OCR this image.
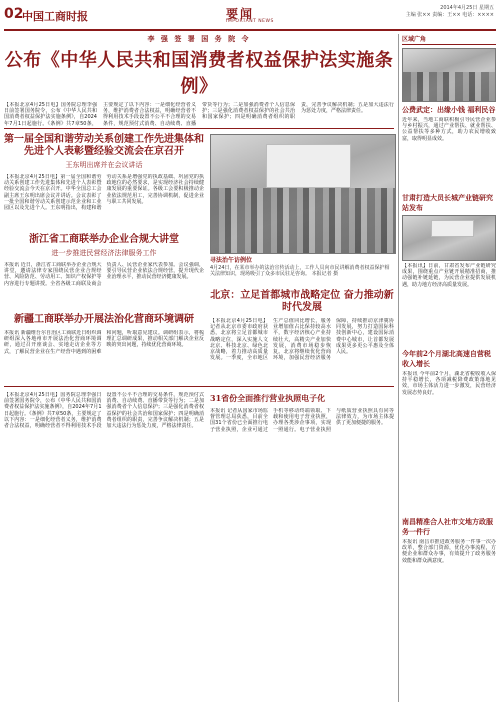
02
中国工商时报	要闻
IMPORTANT NEWS
2014年4月25日 星期五
主编 张×× 责编：王×× 电话：××××
李 强 签 署 国 务 院 令
公布《中华人民共和国消费者权益保护法实施条例》
【本报北京4月25日电】国务院总理李强日前签署国务院令，公布《中华人民共和国消费者权益保护法实施条例》，自2024年7月1日起施行。《条例》共7章50条，主要规定了以下内容：一是细化经营者义务，维护消费者合法权益，明确经营者不得利用技术手段设置不公平不合理的交易条件，规范预付式消费、自动续费、直播带货等行为；二是加强消费者个人信息保护；三是强化消费者权益保护的社会共治和国家保护；四是明确消费者组织的职责，完善争议解决机制；五是加大违法行为惩处力度，严格法律责任。
第一届全国和谐劳动关系创建工作先进集体和先进个人表彰暨经验交流会在京召开
王东明出席并在会议讲话
【本报北京4月25日电】第一届全国和谐劳动关系创建工作先进集体和先进个人表彰暨经验交流会今天在京召开。中华全国总工会副主席王东明出席会议并讲话。会议表彰了一批全国和谐劳动关系创建示范企业和工业园区以及先进个人。王东明指出，构建和谐劳动关系是增强党的执政基础、巩固党的执政地位的必然要求，是实现经济社会持续健康发展的重要保证。各级工会要积极推动企业依法规范用工，完善协调机制，促进企业与职工共同发展。
浙江省工商联举办企业合规大讲堂
进一步推进民营经济法律服务工作
本报讯 近日，浙江省工商联举办企业合规大讲堂，邀请法律专家围绕民营企业合规经营、风险防范、劳动用工、知识产权保护等内容进行专题讲授。全省各级工商联及商会负责人、民营企业家代表参加。会议强调，要引导民营企业依法合规经营，提升现代企业治理水平，推动民营经济健康发展。
新疆工商联举办开展法治化营商环境调研
本报讯 新疆维吾尔自治区工商联近日组织调研组深入各地州市开展法治化营商环境调研，通过召开座谈会、实地走访企业等方式，了解民营企业在生产经营中遇到的困难和问题，听取意见建议。调研组表示，将梳理汇总调研成果，推动相关部门解决企业反映的突出问题，持续优化营商环境。
寻法治午访例位
4月24日，在某市举办的法治宣传活动上，工作人员向市民讲解消费者权益保护相关法律知识，现场吸引了众多市民驻足咨询。 本报记者 摄
北京：立足首都城市战略定位 奋力推动新时代发展
【本报北京4月25日电】记者从北京市委市政府获悉，北京将立足首都城市战略定位，深入实施人文北京、科技北京、绿色北京战略，着力推动高质量发展。一季度，全市地区生产总值同比增长，服务业增加值占比保持较高水平，数字经济核心产业持续壮大，高精尖产业加快发展，消费市场稳步恢复。北京将继续优化营商环境，加强民营经济服务保障，持续推动京津冀协同发展，努力打造国际科技创新中心，建设国际消费中心城市，让首都发展成果更多更公平惠及全体人民。
【本报北京4月25日电】国务院总理李强日前签署国务院令，公布《中华人民共和国消费者权益保护法实施条例》，自2024年7月1日起施行。《条例》共7章50条，主要规定了以下内容：一是细化经营者义务，维护消费者合法权益，明确经营者不得利用技术手段设置不公平不合理的交易条件，规范预付式消费、自动续费、直播带货等行为；二是加强消费者个人信息保护；三是强化消费者权益保护的社会共治和国家保护；四是明确消费者组织的职责，完善争议解决机制；五是加大违法行为惩处力度，严格法律责任。
31省份全面推行营业执照电子化
本报讯 记者从国家市场监督管理总局获悉，目前全国31个省份已全面推行电子营业执照，企业可通过手机等移动终端领取、下载和使用电子营业执照，办理各类涉企事项，实现一照通行。电子营业执照与纸质营业执照具有同等法律效力，为市场主体提供了更加便捷的服务。
区域广角
公费武定：出缘小钱 福利民谷
近年来，当地工商联积极引导民营企业参与乡村振兴，通过产业帮扶、就业帮扶、公益帮扶等多种方式，助力农民增收致富，取得明显成效。
甘肃打造大员长城产业链研究站发布
【本报讯】日前，甘肃省发布产业链研究成果，围绕重点产业链开展精准招商，推动强链补链延链，为民营企业提供发展机遇，助力地方经济高质量发展。
今年前2个月湖北高速自营税收入增长
本报讯 今年前2个月，湖北省税收收入保持平稳增长，各项减税降费政策落地见效，市场主体活力进一步激发，民营经济发展态势良好。
南昌精准合人社市文地方政服务一件行
本报讯 南昌市推进政务服务一件事一次办改革，整合部门资源，优化办事流程，方便企业和群众办事，有效提升了政务服务效能和群众满意度。
